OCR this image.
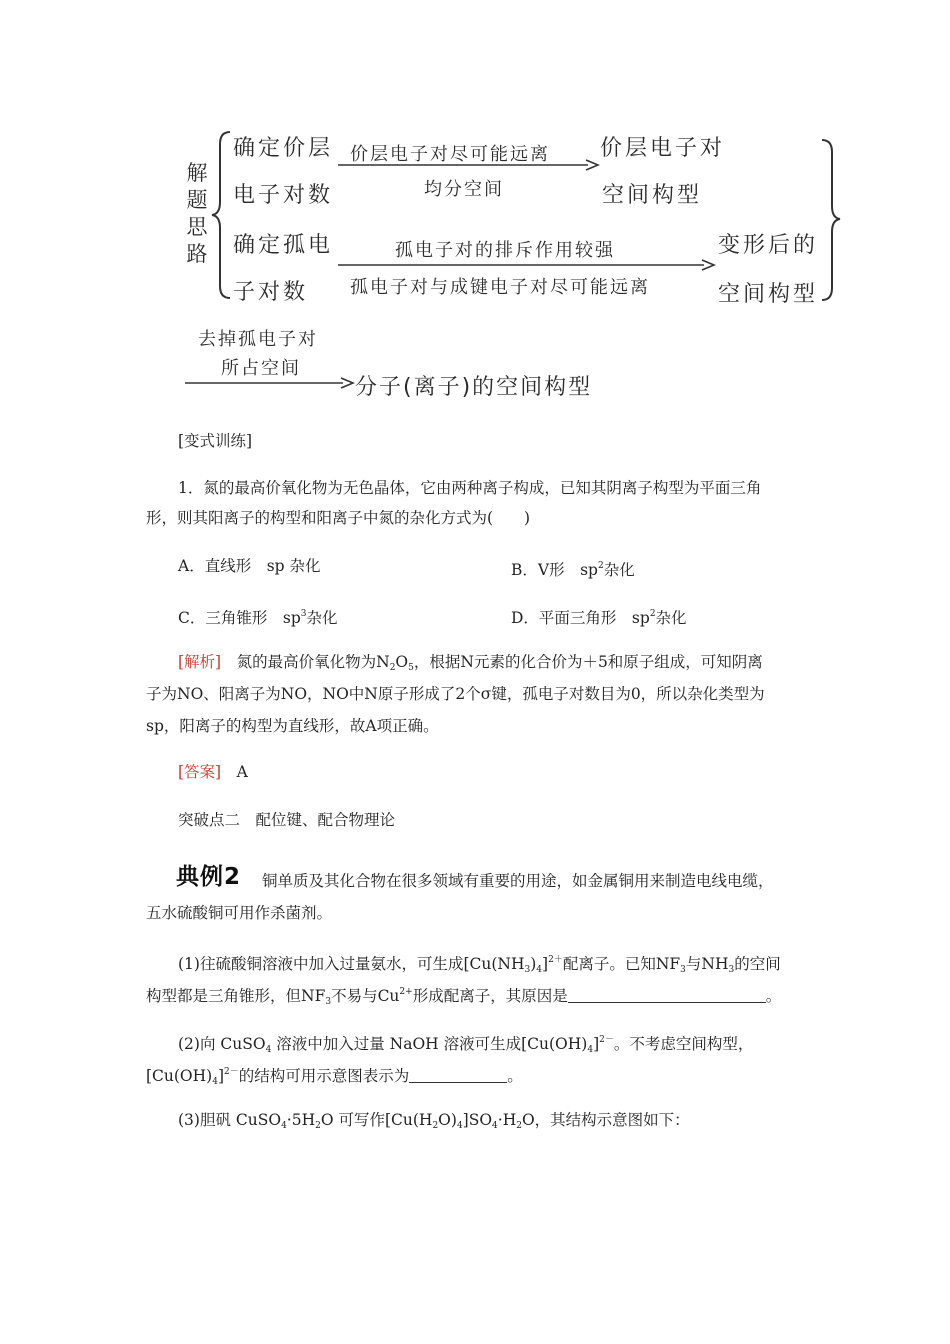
解题思路
确定价层
电子对数
价层电子对尽可能远离
均分空间
价层电子对
空间构型
确定孤电
子对数
孤电子对的排斥作用较强
孤电子对与成键电子对尽可能远离
变形后的
空间构型
去掉孤电子对
所占空间
分子(离子)的空间构型
[变式训练]
1．氮的最高价氧化物为无色晶体，它由两种离子构成，已知其阴离子构型为平面三角
形，则其阳离子的构型和阳离子中氮的杂化方式为(　　)
A．直线形　sp 杂化	B．V形　$sp^2$杂化
C．三角锥形　$sp^3$杂化	D．平面三角形　$sp^2$杂化
[解析]　氮的最高价氧化物为$N_2O_5$，根据N元素的化合价为＋5和原子组成，可知阴离
子为NO、阳离子为NO，NO中N原子形成了2个σ键，孤电子对数目为0，所以杂化类型为
sp，阳离子的构型为直线形，故A项正确。
[答案]　A
突破点二　配位键、配合物理论
典例2 铜单质及其化合物在很多领域有重要的用途，如金属铜用来制造电线电缆，
五水硫酸铜可用作杀菌剂。
(1)往硫酸铜溶液中加入过量氨水，可生成$[Cu(NH_3)_4]^{2+}$配离子。已知$NF_3$与$NH_3$的空间
构型都是三角锥形，但$NF_3$不易与$Cu^{2+}$形成配离子，其原因是	。
(2)向 CuSO$_4$ 溶液中加入过量 NaOH 溶液可生成$[Cu(OH)_4]^{2-}$。不考虑空间构型，
$[Cu(OH)_4]^{2-}$的结构可用示意图表示为	。
(3)胆矾 $CuSO_4\cdot 5H_2O$ 可写作$[Cu(H_2O)_4]SO_4\cdot H_2O$，其结构示意图如下：
